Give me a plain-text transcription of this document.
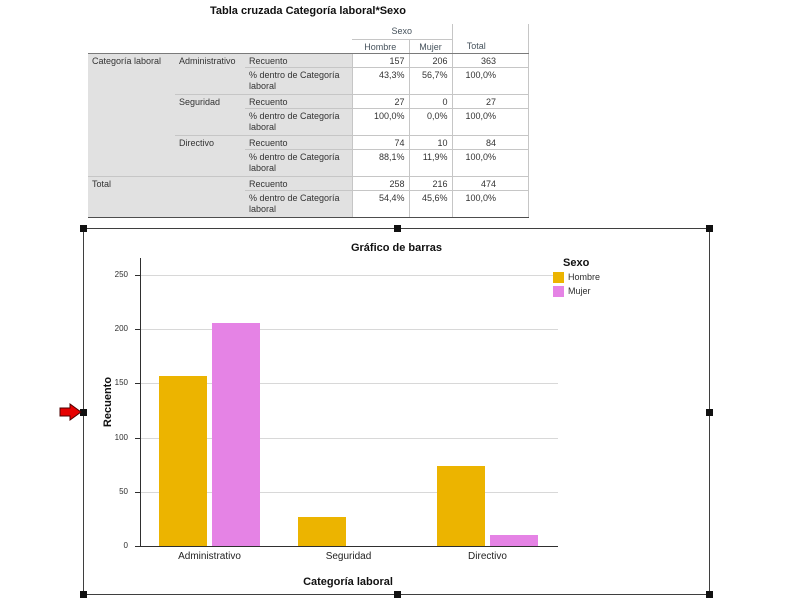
Tabla cruzada Categoría laboral*Sexo
			Sexo			
			Hombre	Mujer	Total	
Categoría laboral	Administrativo	Recuento	157	206	363	
		% dentro de Categoría laboral	43,3%	56,7%	100,0%	
	Seguridad	Recuento	27	0	27	
		% dentro de Categoría laboral	100,0%	0,0%	100,0%	
	Directivo	Recuento	74	10	84	
		% dentro de Categoría laboral	88,1%	11,9%	100,0%	
Total		Recuento	258	216	474	
		% dentro de Categoría laboral	54,4%	45,6%	100,0%	
Gráfico de barras
0
50
100
150
200
250
Administrativo	Seguridad	Directivo
Recuento
Categoría laboral
Sexo
Hombre
Mujer
